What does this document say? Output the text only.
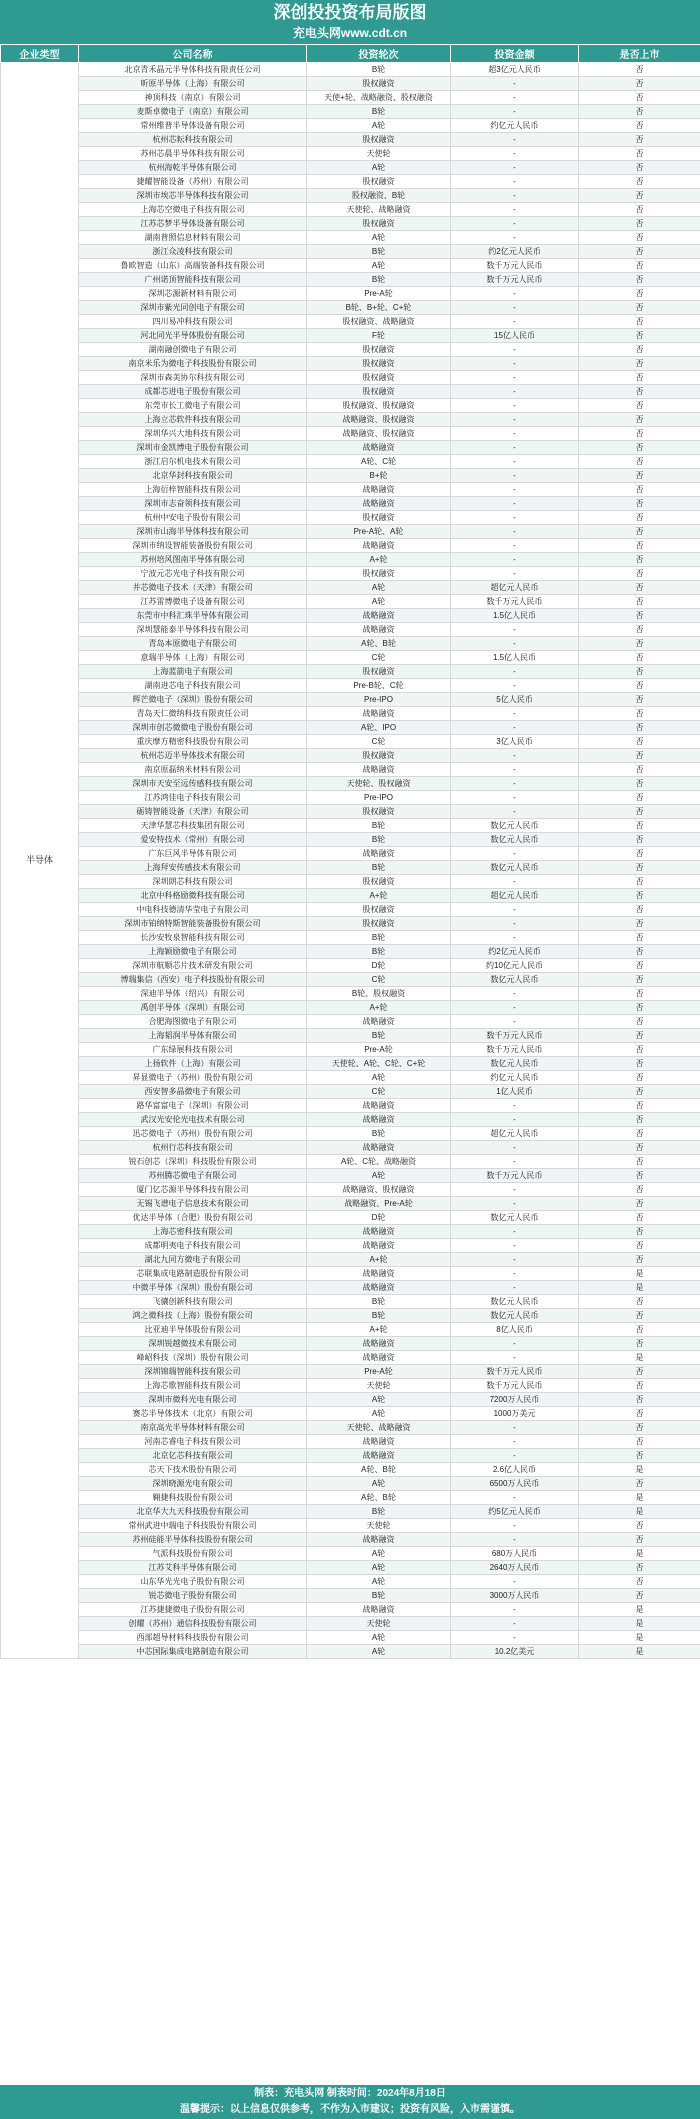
深创投投资布局版图
充电头网www.cdt.cn
企业类型	公司名称	投资轮次	投资金额	是否上市
半导体	北京青禾晶元半导体科技有限责任公司	B轮	超3亿元人民币	否
	昕原半导体（上海）有限公司	股权融资	-	否
	神顶科技（南京）有限公司	天使+轮、战略融资、股权融资	-	否
	麦斯卓微电子（南京）有限公司	B轮	-	否
	常州维普半导体设备有限公司	A轮	约亿元人民币	否
	杭州芯耘科技有限公司	股权融资	-	否
	苏州芯晨半导体科技有限公司	天使轮	-	否
	杭州海乾半导体有限公司	A轮	-	否
	捷耀智能设备（苏州）有限公司	股权融资	-	否
	深圳市埃芯半导体科技有限公司	股权融资、B轮	-	否
	上海芯空微电子科技有限公司	天使轮、战略融资	-	否
	江苏芯梦半导体设备有限公司	股权融资	-	否
	湖南普照信息材料有限公司	A轮	-	否
	浙江众凌科技有限公司	B轮	约2亿元人民币	否
	鲁欧智造（山东）高端装备科技有限公司	A轮	数千万元人民币	否
	广州诺顶智能科技有限公司	B轮	数千万元人民币	否
	深圳芯源新材料有限公司	Pre-A轮	-	否
	深圳市紫光同创电子有限公司	B轮、B+轮、C+轮	-	否
	四川易冲科技有限公司	股权融资、战略融资	-	否
	河北同光半导体股份有限公司	F轮	15亿人民币	否
	湖南融创微电子有限公司	股权融资	-	否
	南京米乐为微电子科技股份有限公司	股权融资	-	否
	深圳市森美协尔科技有限公司	股权融资	-	否
	成都芯进电子股份有限公司	股权融资	-	否
	东莞市长工微电子有限公司	股权融资、股权融资	-	否
	上海立芯软件科技有限公司	战略融资、股权融资	-	否
	深圳华兴大地科技有限公司	战略融资、股权融资	-	否
	深圳市金凯博电子股份有限公司	战略融资	-	否
	浙江启尔机电技术有限公司	A轮、C轮	-	否
	北京华封科技有限公司	B+轮	-	否
	上海衍梓智能科技有限公司	战略融资	-	否
	深圳市志奋领科技有限公司	战略融资	-	否
	杭州中安电子股份有限公司	股权融资	-	否
	深圳市山海半导体科技有限公司	Pre-A轮、A轮	-	否
	深圳市纳设智能装备股份有限公司	战略融资	-	否
	苏州培风图南半导体有限公司	A+轮	-	否
	宁波元芯光电子科技有限公司	股权融资	-	否
	井芯微电子技术（天津）有限公司	A轮	超亿元人民币	否
	江苏雷博微电子设备有限公司	A轮	数千万元人民币	否
	东莞市中科汇珠半导体有限公司	战略融资	1.5亿人民币	否
	深圳慧能泰半导体科技有限公司	战略融资	-	否
	青岛本原微电子有限公司	A轮、B轮	-	否
	意瑞半导体（上海）有限公司	C轮	1.5亿人民币	否
	上海蓝箭电子有限公司	股权融资	-	否
	湖南进芯电子科技有限公司	Pre-B轮、C轮	-	否
	辉芒微电子（深圳）股份有限公司	Pre-IPO	5亿人民币	否
	青岛天仁微纳科技有限责任公司	战略融资	-	否
	深圳市创芯微微电子股份有限公司	A轮、IPO	-	否
	重庆摩方精密科技股份有限公司	C轮	3亿人民币	否
	杭州芯迈半导体技术有限公司	股权融资	-	否
	南京原磊纳米材料有限公司	战略融资	-	否
	深圳市天安至远传感科技有限公司	天使轮、股权融资	-	否
	江苏鸿佳电子科技有限公司	Pre-IPO	-	否
	砺铸智能设备（天津）有限公司	股权融资	-	否
	天津华慧芯科技集团有限公司	B轮	数亿元人民币	否
	爱安特技术（常州）有限公司	B轮	数亿元人民币	否
	广东巨风半导体有限公司	战略融资	-	否
	上海拜安传感技术有限公司	B轮	数亿元人民币	否
	深圳朗芯科技有限公司	股权融资	-	否
	北京中科格励微科技有限公司	A+轮	超亿元人民币	否
	中电科技德清华莹电子有限公司	股权融资	-	否
	深圳市铂纳特斯智能装备股份有限公司	股权融资	-	否
	长沙安牧泉智能科技有限公司	B轮	-	否
	上海颖励微电子有限公司	B轮	约2亿元人民币	否
	深圳市航顺芯片技术研发有限公司	D轮	约10亿元人民币	否
	博瑞集信（西安）电子科技股份有限公司	C轮	数亿元人民币	否
	深迪半导体（绍兴）有限公司	B轮、股权融资	-	否
	禹创半导体（深圳）有限公司	A+轮	-	否
	合肥海图微电子有限公司	战略融资	-	否
	上海韬润半导体有限公司	B轮	数千万元人民币	否
	广东绿展科技有限公司	Pre-A轮	数千万元人民币	否
	上扬软件（上海）有限公司	天使轮、A轮、C轮、C+轮	数亿元人民币	否
	昇显微电子（苏州）股份有限公司	A轮	约亿元人民币	否
	西安智多晶微电子有限公司	C轮	1亿人民币	否
	路华富富电子（深圳）有限公司	战略融资	-	否
	武汉光安伦光电技术有限公司	战略融资	-	否
	迅芯微电子（苏州）股份有限公司	B轮	超亿元人民币	否
	杭州行芯科技有限公司	战略融资	-	否
	锐石创芯（深圳）科技股份有限公司	A轮、C轮、战略融资	-	否
	苏州腾芯微电子有限公司	A轮	数千万元人民币	否
	厦门亿芯源半导体科技有限公司	战略融资、股权融资	-	否
	无锡飞谱电子信息技术有限公司	战略融资、Pre-A轮	-	否
	优达半导体（合肥）股份有限公司	D轮	数亿元人民币	否
	上海芯密科技有限公司	战略融资	-	否
	成都明夷电子科技有限公司	战略融资	-	否
	湖北九同方微电子有限公司	A+轮	-	否
	芯联集成电路制造股份有限公司	战略融资	-	是
	中微半导体（深圳）股份有限公司	战略融资	-	是
	飞骧创新科技有限公司	B轮	数亿元人民币	否
	鸿之微科技（上海）股份有限公司	B轮	数亿元人民币	否
	比亚迪半导体股份有限公司	A+轮	8亿人民币	否
	深圳锐越微技术有限公司	战略融资	-	否
	峰岹科技（深圳）股份有限公司	战略融资	-	是
	深圳锦瑞智能科技有限公司	Pre-A轮	数千万元人民币	否
	上海芯歌智能科技有限公司	天使轮	数千万元人民币	否
	深圳市微科光电有限公司	A轮	7200万人民币	否
	赛芯半导体技术（北京）有限公司	A轮	1000万美元	否
	南京高光半导体材料有限公司	天使轮、战略融资	-	否
	河南芯睿电子科技有限公司	战略融资	-	否
	北京亿芯科技有限公司	战略融资	-	否
	芯天下技术股份有限公司	A轮、B轮	2.6亿人民币	是
	深圳晓源光电有限公司	A轮	6500万人民币	否
	翱捷科技股份有限公司	A轮、B轮	-	是
	北京华大九天科技股份有限公司	B轮	约5亿元人民币	是
	常州武进中瑞电子科技股份有限公司	天使轮	-	否
	苏州硅能半导体科技股份有限公司	战略融资	-	否
	气派科技股份有限公司	A轮	680万人民币	是
	江苏艾科半导体有限公司	A轮	2640万人民币	否
	山东华光光电子股份有限公司	A轮	-	否
	锐芯微电子股份有限公司	B轮	3000万人民币	否
	江苏捷捷微电子股份有限公司	战略融资	-	是
	创耀（苏州）通信科技股份有限公司	天使轮	-	是
	西部超导材料科技股份有限公司	A轮	-	是
	中芯国际集成电路制造有限公司	A轮	10.2亿美元	是
制表：充电头网 制表时间：2024年8月18日
温馨提示：以上信息仅供参考，不作为入市建议；投资有风险，入市需谨慎。
